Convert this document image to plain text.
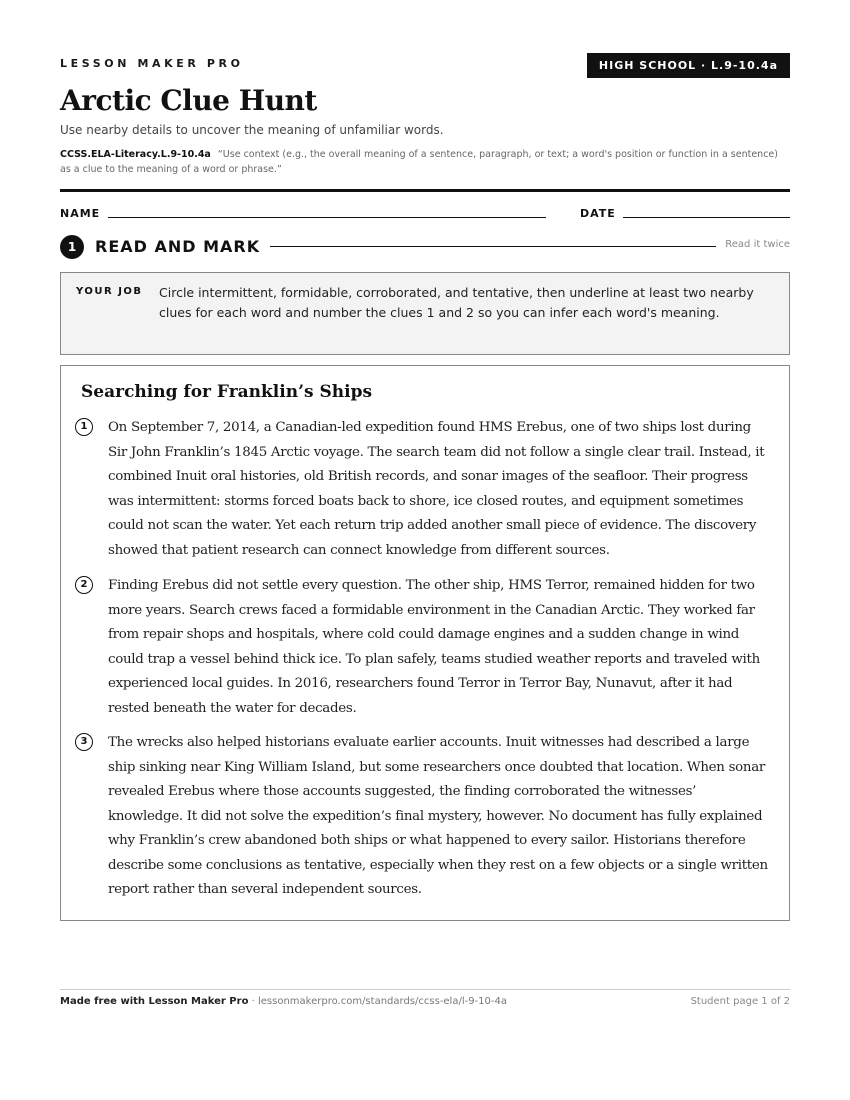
LESSON MAKER PRO	HIGH SCHOOL · L.9-10.4a
Arctic Clue Hunt
Use nearby details to uncover the meaning of unfamiliar words.
CCSS.ELA-Literacy.L.9-10.4a “Use context (e.g., the overall meaning of a sentence, paragraph, or text; a word's position or function in a sentence) as a clue to the meaning of a word or phrase.”
NAME	DATE
1	READ AND MARK	Read it twice
YOUR JOB Circle intermittent, formidable, corroborated, and tentative, then underline at least two nearby clues for each word and number the clues 1 and 2 so you can infer each word's meaning.
Searching for Franklin’s Ships
1	On September 7, 2014, a Canadian-led expedition found HMS Erebus, one of two ships lost during Sir John Franklin’s 1845 Arctic voyage. The search team did not follow a single clear trail. Instead, it combined Inuit oral histories, old British records, and sonar images of the seafloor. Their progress was intermittent: storms forced boats back to shore, ice closed routes, and equipment sometimes could not scan the water. Yet each return trip added another small piece of evidence. The discovery showed that patient research can connect knowledge from different sources.

2	Finding Erebus did not settle every question. The other ship, HMS Terror, remained hidden for two more years. Search crews faced a formidable environment in the Canadian Arctic. They worked far from repair shops and hospitals, where cold could damage engines and a sudden change in wind could trap a vessel behind thick ice. To plan safely, teams studied weather reports and traveled with experienced local guides. In 2016, researchers found Terror in Terror Bay, Nunavut, after it had rested beneath the water for decades.

3	The wrecks also helped historians evaluate earlier accounts. Inuit witnesses had described a large ship sinking near King William Island, but some researchers once doubted that location. When sonar revealed Erebus where those accounts suggested, the finding corroborated the witnesses’ knowledge. It did not solve the expedition’s final mystery, however. No document has fully explained why Franklin’s crew abandoned both ships or what happened to every sailor. Historians therefore describe some conclusions as tentative, especially when they rest on a few objects or a single written report rather than several independent sources.

Made free with Lesson Maker Pro · lessonmakerpro.com/standards/ccss-ela/l-9-10-4a	Student page 1 of 2
